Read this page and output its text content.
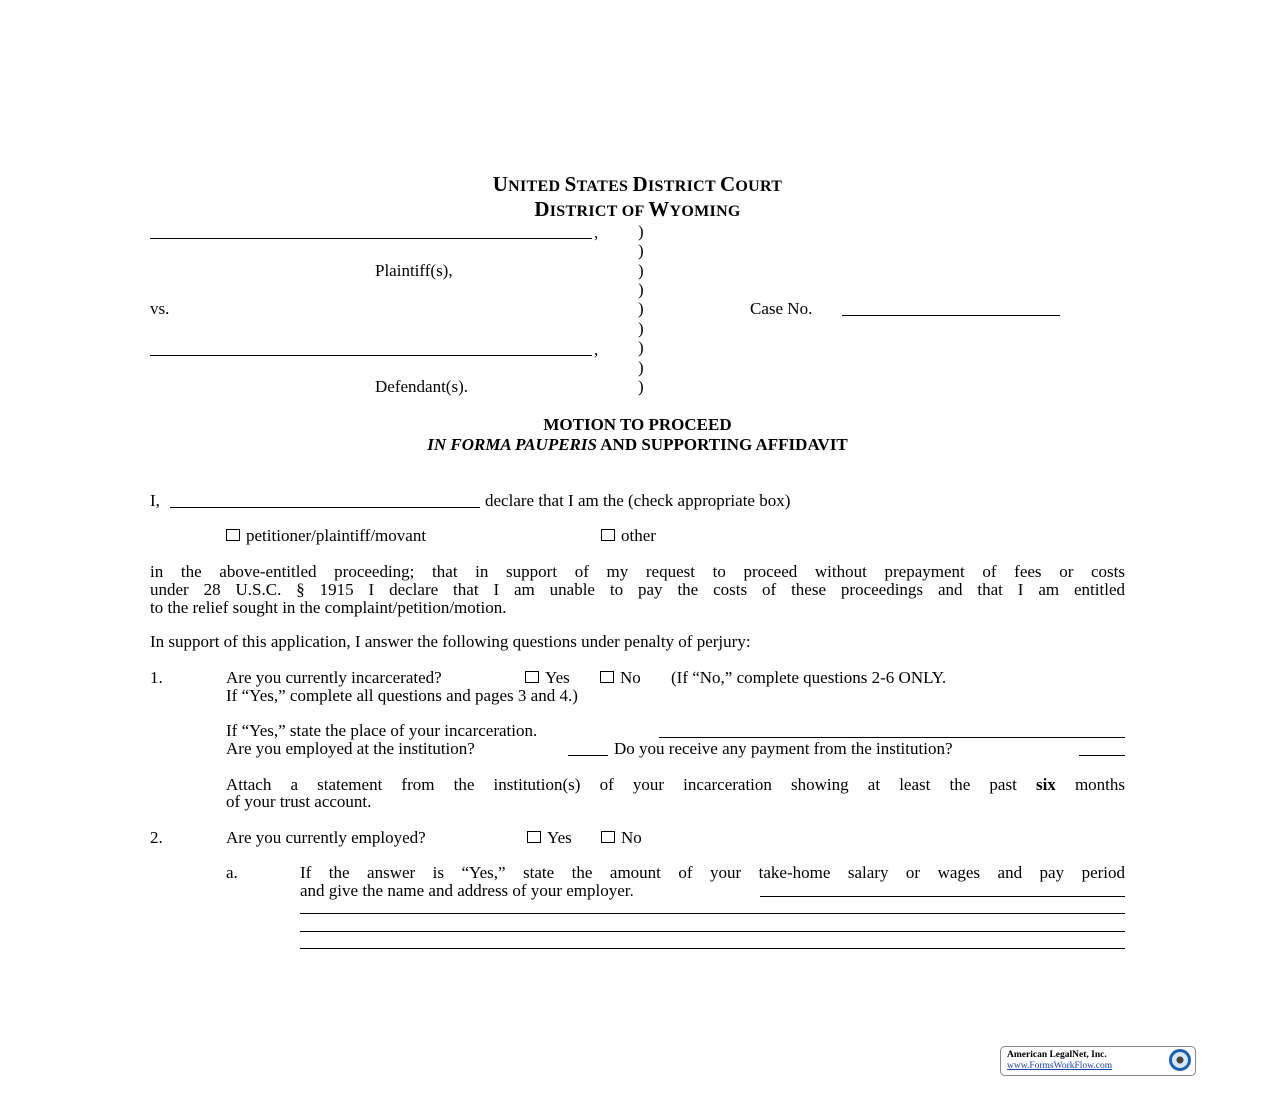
UNITED STATES DISTRICT COURT
DISTRICT OF WYOMING
,
Plaintiff(s),
vs.
,
Defendant(s).
)
)
)
)
)
)
)
)
)
Case No.
MOTION TO PROCEED
IN FORMA PAUPERIS AND SUPPORTING AFFIDAVIT
I,	declare that I am the (check appropriate box)
petitioner/plaintiff/movant	other
in the above-entitled proceeding; that in support of my request to proceed without prepayment of fees or costs
under 28 U.S.C. § 1915 I declare that I am unable to pay the costs of these proceedings and that I am entitled
to the relief sought in the complaint/petition/motion.
In support of this application, I answer the following questions under penalty of perjury:
1.	Are you currently incarcerated?	Yes	No (If “No,” complete questions 2-6 ONLY.
If “Yes,” complete all questions and pages 3 and 4.)
If “Yes,” state the place of your incarceration.
Are you employed at the institution?	Do you receive any payment from the institution?
Attach a statement from the institution(s) of your incarceration showing at least the past six months
of your trust account.
2.	Are you currently employed?	Yes	No
a.	If the answer is “Yes,” state the amount of your take-home salary or wages and pay period
and give the name and address of your employer.
American LegalNet, Inc.
www.FormsWorkFlow.com
